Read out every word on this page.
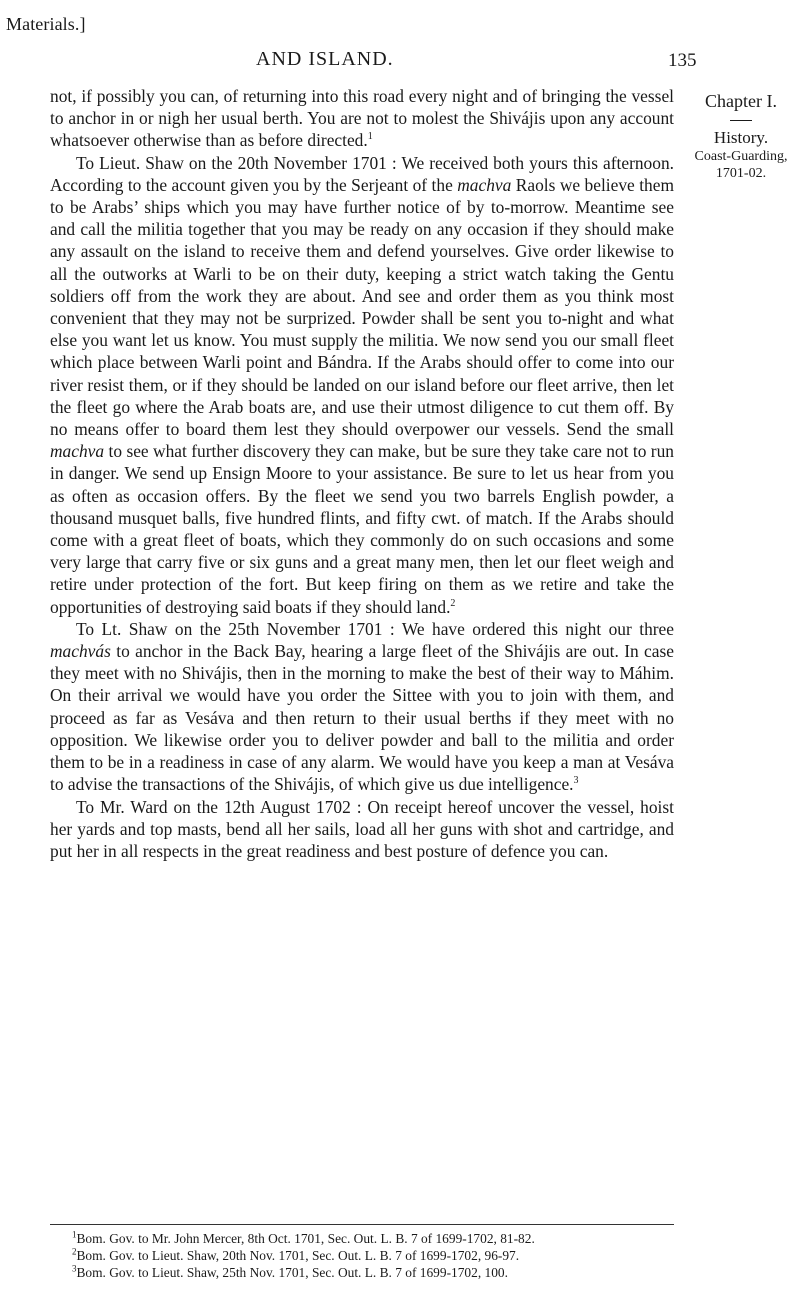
Materials.]
AND ISLAND.	135
Chapter I.
History.
Coast-Guarding,
1701-02.

not, if possibly you can, of returning into this road every night and of bringing the vessel to anchor in or nigh her usual berth. You are not to molest the Shivájis upon any account whatsoever otherwise than as before directed.$^1$

To Lieut. Shaw on the 20th November 1701 : We received both yours this afternoon. According to the account given you by the Serjeant of the machva Raols we believe them to be Arabs’ ships which you may have further notice of by to-morrow. Meantime see and call the militia together that you may be ready on any occasion if they should make any assault on the island to receive them and defend yourselves. Give order likewise to all the outworks at Warli to be on their duty, keeping a strict watch taking the Gentu soldiers off from the work they are about. And see and order them as you think most convenient that they may not be surprized. Powder shall be sent you to-night and what else you want let us know. You must supply the militia. We now send you our small fleet which place between Warli point and Bándra. If the Arabs should offer to come into our river resist them, or if they should be landed on our island before our fleet arrive, then let the fleet go where the Arab boats are, and use their utmost diligence to cut them off. By no means offer to board them lest they should overpower our vessels. Send the small machva to see what further discovery they can make, but be sure they take care not to run in danger. We send up Ensign Moore to your assistance. Be sure to let us hear from you as often as occasion offers. By the fleet we send you two barrels English powder, a thousand musquet balls, five hundred flints, and fifty cwt. of match. If the Arabs should come with a great fleet of boats, which they commonly do on such occasions and some very large that carry five or six guns and a great many men, then let our fleet weigh and retire under protection of the fort. But keep firing on them as we retire and take the opportunities of destroying said boats if they should land.$^2$

To Lt. Shaw on the 25th November 1701 : We have ordered this night our three machvás to anchor in the Back Bay, hearing a large fleet of the Shivájis are out. In case they meet with no Shivájis, then in the morning to make the best of their way to Máhim. On their arrival we would have you order the Sittee with you to join with them, and proceed as far as Vesáva and then return to their usual berths if they meet with no opposition. We likewise order you to deliver powder and ball to the militia and order them to be in a readiness in case of any alarm. We would have you keep a man at Vesáva to advise the transactions of the Shivájis, of which give us due intelligence.$^3$

To Mr. Ward on the 12th August 1702 : On receipt hereof uncover the vessel, hoist her yards and top masts, bend all her sails, load all her guns with shot and cartridge, and put her in all respects in the great readiness and best posture of defence you can.

$^1$Bom. Gov. to Mr. John Mercer, 8th Oct. 1701, Sec. Out. L. B. 7 of 1699-1702, 81-82.
$^2$Bom. Gov. to Lieut. Shaw, 20th Nov. 1701, Sec. Out. L. B. 7 of 1699-1702, 96-97.
$^3$Bom. Gov. to Lieut. Shaw, 25th Nov. 1701, Sec. Out. L. B. 7 of 1699-1702, 100.
